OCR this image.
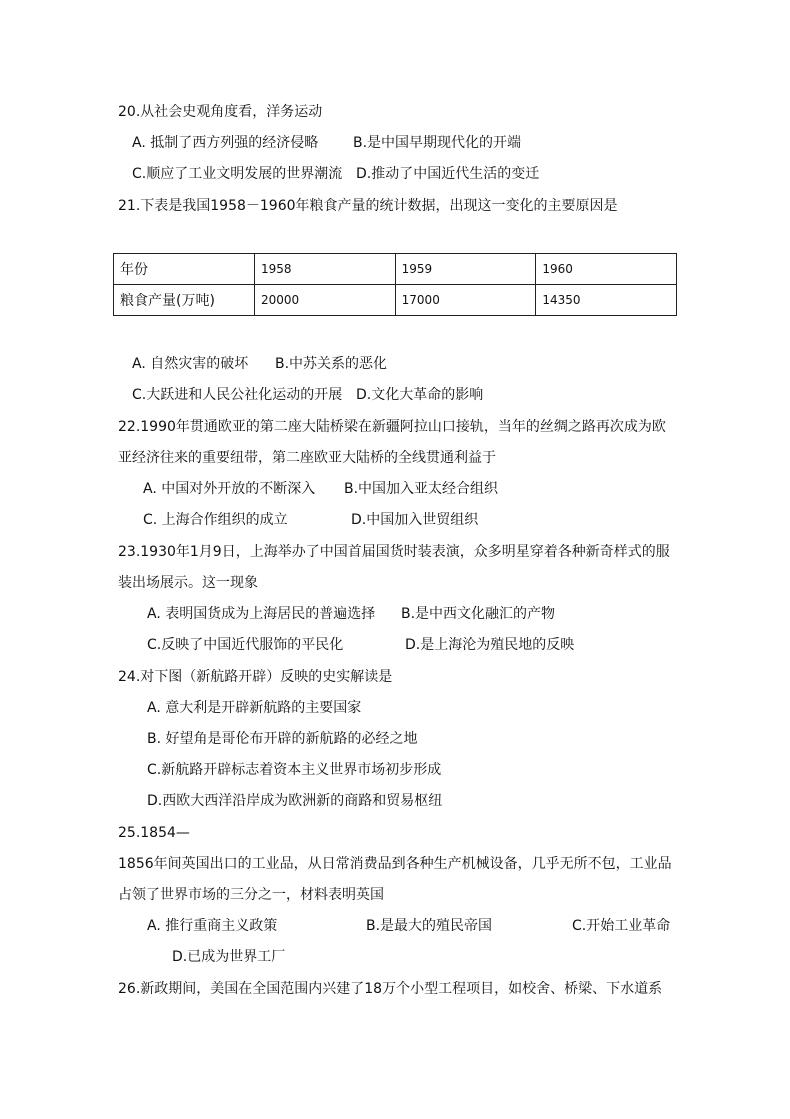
20.从社会史观角度看，洋务运动
A. 抵制了西方列强的经济侵略 B.是中国早期现代化的开端
C.顺应了工业文明发展的世界潮流 D.推动了中国近代生活的变迁
21.下表是我国1958－1960年粮食产量的统计数据，出现这一变化的主要原因是
年份	1958	1959	1960
粮食产量(万吨)	20000	17000	14350
A. 自然灾害的破坏 B.中苏关系的恶化
C.大跃进和人民公社化运动的开展 D.文化大革命的影响
22.1990年贯通欧亚的第二座大陆桥梁在新疆阿拉山口接轨，当年的丝绸之路再次成为欧
亚经济往来的重要纽带，第二座欧亚大陆桥的全线贯通利益于
A. 中国对外开放的不断深入 B.中国加入亚太经合组织
C. 上海合作组织的成立	D.中国加入世贸组织
23.1930年1月9日，上海举办了中国首届国货时装表演，众多明星穿着各种新奇样式的服
装出场展示。这一现象
A. 表明国货成为上海居民的普遍选择 B.是中西文化融汇的产物
C.反映了中国近代服饰的平民化	D.是上海沦为殖民地的反映
24.对下图（新航路开辟）反映的史实解读是
A. 意大利是开辟新航路的主要国家
B. 好望角是哥伦布开辟的新航路的必经之地
C.新航路开辟标志着资本主义世界市场初步形成
D.西欧大西洋沿岸成为欧洲新的商路和贸易枢纽
25.1854—
1856年间英国出口的工业品，从日常消费品到各种生产机械设备，几乎无所不包，工业品
占领了世界市场的三分之一，材料表明英国
A. 推行重商主义政策	B.是最大的殖民帝国	C.开始工业革命
D.已成为世界工厂
26.新政期间，美国在全国范围内兴建了18万个小型工程项目，如校舍、桥梁、下水道系
